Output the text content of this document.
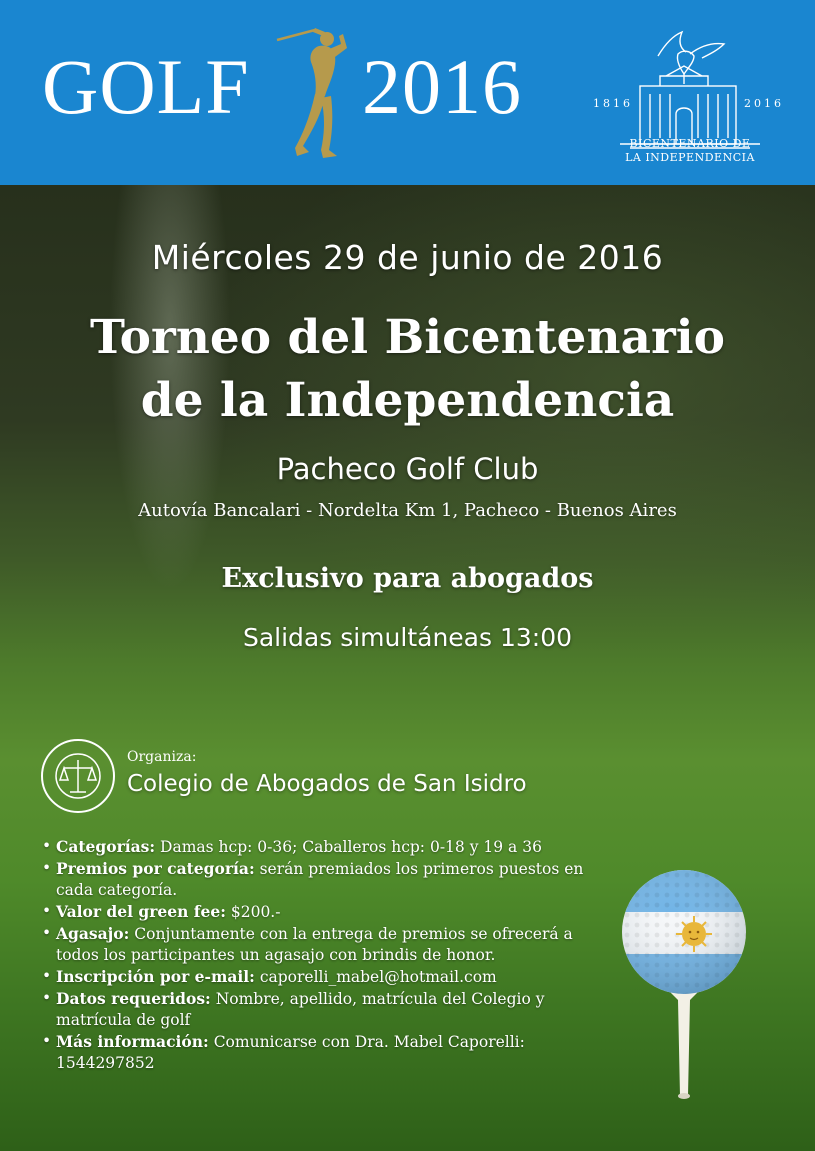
GOLF 2016	1816	2016
BICENTENARIO DE
LA INDEPENDENCIA
Miércoles 29 de junio de 2016
Torneo del Bicentenario
de la Independencia
Pacheco Golf Club
Autovía Bancalari - Nordelta Km 1, Pacheco - Buenos Aires
Exclusivo para abogados
Salidas simultáneas 13:00
Organiza:
Colegio de Abogados de San Isidro
• Categorías: Damas hcp: 0-36; Caballeros hcp: 0-18 y 19 a 36
• Premios por categoría: serán premiados los primeros puestos en cada categoría.
• Valor del green fee: $200.-
• Agasajo: Conjuntamente con la entrega de premios se ofrecerá a todos los participantes un agasajo con brindis de honor.
• Inscripción por e-mail: caporelli_mabel@hotmail.com
• Datos requeridos: Nombre, apellido, matrícula del Colegio y matrícula de golf
• Más información: Comunicarse con Dra. Mabel Caporelli: 1544297852
